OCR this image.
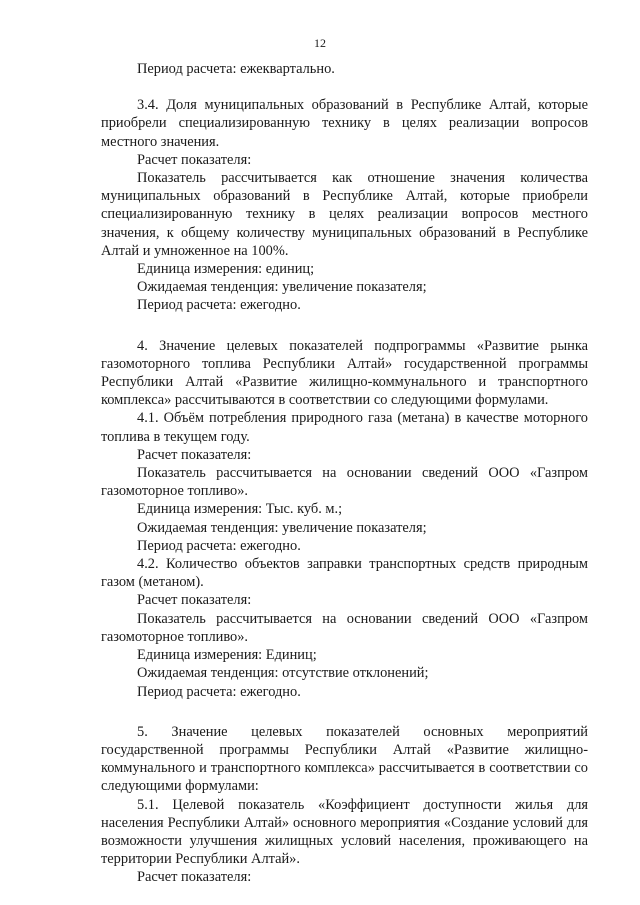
12

Период расчета: ежеквартально.

3.4. Доля муниципальных образований в Республике Алтай, которые приобрели специализированную технику в целях реализации вопросов местного значения.

Расчет показателя:

Показатель рассчитывается как отношение значения количества муниципальных образований в Республике Алтай, которые приобрели специализированную технику в целях реализации вопросов местного значения, к общему количеству муниципальных образований в Республике Алтай и умноженное на 100%.

Единица измерения: единиц;

Ожидаемая тенденция: увеличение показателя;

Период расчета: ежегодно.

4. Значение целевых показателей подпрограммы «Развитие рынка газомоторного топлива Республики Алтай» государственной программы Республики Алтай «Развитие жилищно-коммунального и транспортного комплекса» рассчитываются в соответствии со следующими формулами.

4.1. Объём потребления природного газа (метана) в качестве моторного топлива в текущем году.

Расчет показателя:

Показатель рассчитывается на основании сведений ООО «Газпром газомоторное топливо».

Единица измерения: Тыс. куб. м.;

Ожидаемая тенденция: увеличение показателя;

Период расчета: ежегодно.

4.2. Количество объектов заправки транспортных средств природным газом (метаном).

Расчет показателя:

Показатель рассчитывается на основании сведений ООО «Газпром газомоторное топливо».

Единица измерения: Единиц;

Ожидаемая тенденция: отсутствие отклонений;

Период расчета: ежегодно.

5. Значение целевых показателей основных мероприятий государственной программы Республики Алтай «Развитие жилищно-коммунального и транспортного комплекса» рассчитывается в соответствии со следующими формулами:

5.1. Целевой показатель «Коэффициент доступности жилья для населения Республики Алтай» основного мероприятия «Создание условий для возможности улучшения жилищных условий населения, проживающего на территории Республики Алтай».

Расчет показателя:
